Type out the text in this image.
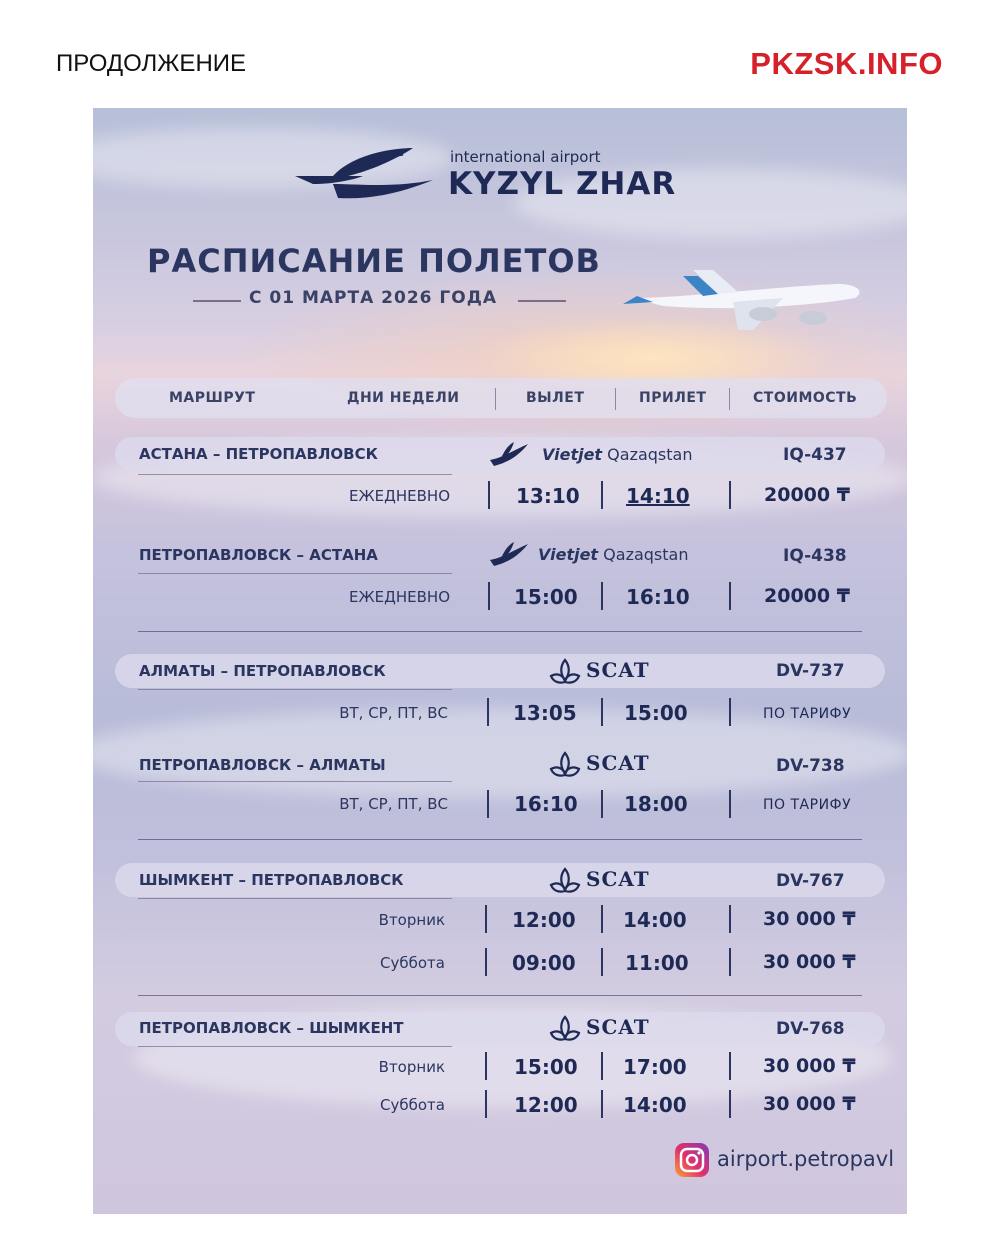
ПРОДОЛЖЕНИЕ	PKZSK.INFO
international airport
KYZYL ZHAR
РАСПИСАНИЕ ПОЛЕТОВ
С 01 МАРТА 2026 ГОДА
МАРШРУТ	ДНИ НЕДЕЛИ	ВЫЛЕТ	ПРИЛЕТ	СТОИМОСТЬ
АСТАНА – ПЕТРОПАВЛОВСК	Vietjet Qazaqstan	IQ-437
ЕЖЕДНЕВНО	13:10 14:10	20000 ₸
ПЕТРОПАВЛОВСК – АСТАНА	Vietjet Qazaqstan	IQ-438
ЕЖЕДНЕВНО	15:00 16:10	20000 ₸
АЛМАТЫ – ПЕТРОПАВЛОВСК	SCAT	DV-737
ВТ, СР, ПТ, ВС	13:05 15:00	ПО ТАРИФУ
ПЕТРОПАВЛОВСК – АЛМАТЫ	SCAT	DV-738
ВТ, СР, ПТ, ВС	16:10 18:00	ПО ТАРИФУ
ШЫМКЕНТ – ПЕТРОПАВЛОВСК	SCAT	DV-767
Вторник	12:00 14:00	30 000 ₸
Суббота	09:00 11:00	30 000 ₸
ПЕТРОПАВЛОВСК – ШЫМКЕНТ	SCAT	DV-768
Вторник	15:00 17:00	30 000 ₸
Суббота	12:00 14:00	30 000 ₸
airport.petropavl
